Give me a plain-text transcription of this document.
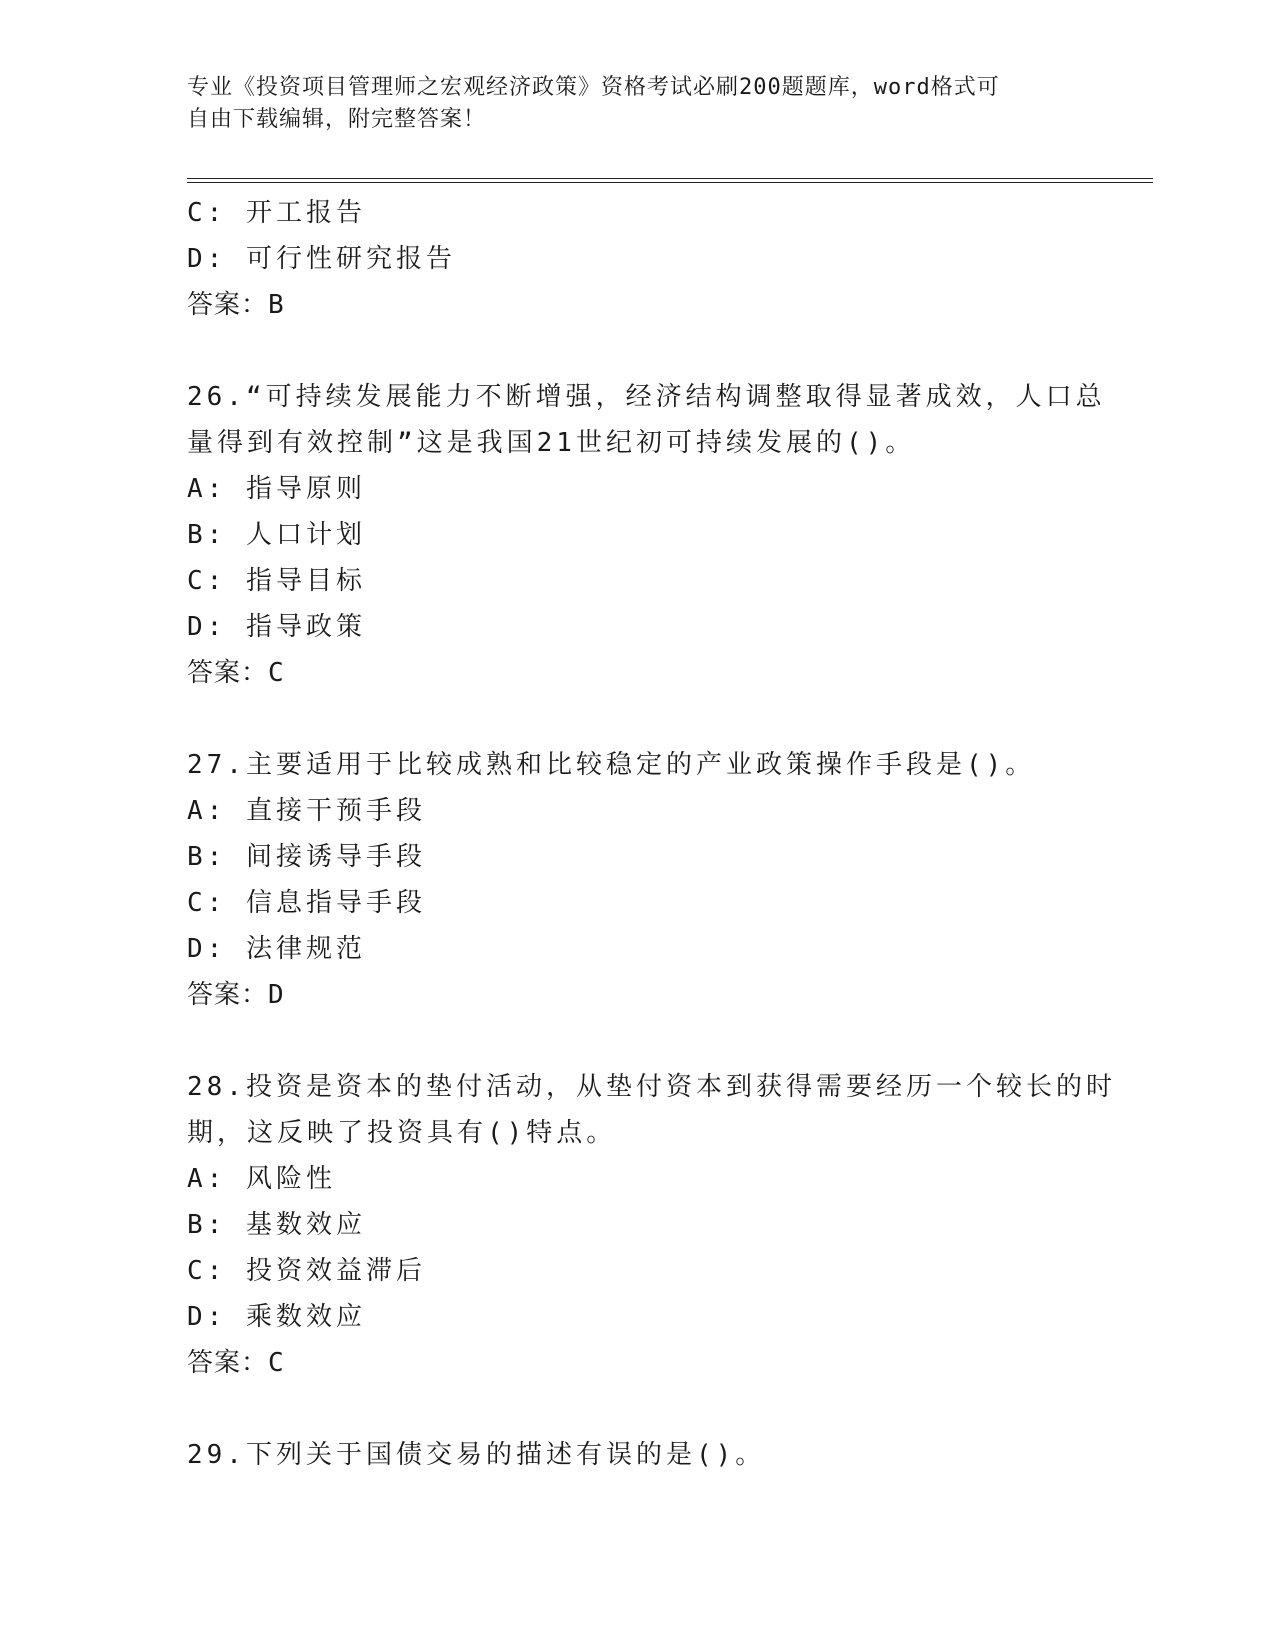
专业《投资项目管理师之宏观经济政策》资格考试必刷200题题库，word格式可
自由下载编辑，附完整答案！
C: 开工报告
D: 可行性研究报告
答案：B
26.“可持续发展能力不断增强，经济结构调整取得显著成效，人口总
量得到有效控制”这是我国21世纪初可持续发展的()。
A: 指导原则
B: 人口计划
C: 指导目标
D: 指导政策
答案：C
27.主要适用于比较成熟和比较稳定的产业政策操作手段是()。
A: 直接干预手段
B: 间接诱导手段
C: 信息指导手段
D: 法律规范
答案：D
28.投资是资本的垫付活动，从垫付资本到获得需要经历一个较长的时
期，这反映了投资具有()特点。
A: 风险性
B: 基数效应
C: 投资效益滞后
D: 乘数效应
答案：C
29.下列关于国债交易的描述有误的是()。
